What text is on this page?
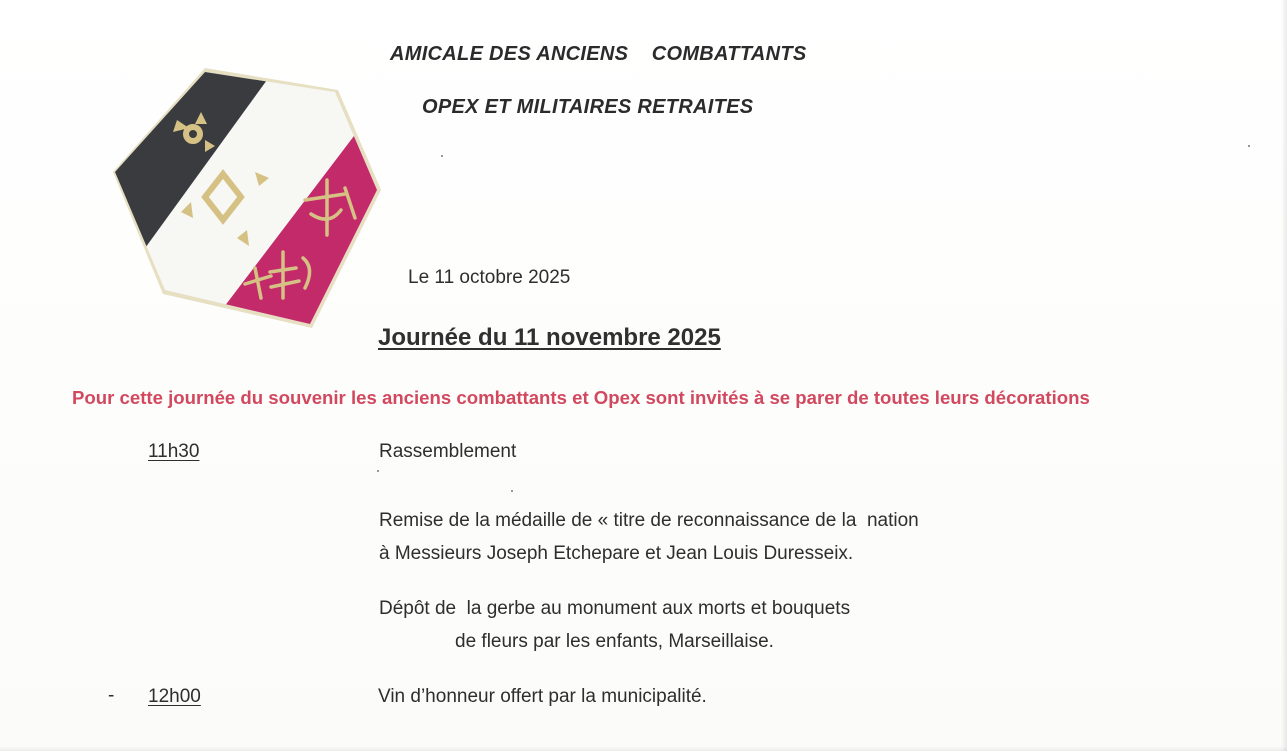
AMICALE DES ANCIENS    COMBATTANTS
OPEX ET MILITAIRES RETRAITES
Le 11 octobre 2025
Journée du 11 novembre 2025
Pour cette journée du souvenir les anciens combattants et Opex sont invités à se parer de toutes leurs décorations
11h30	Rassemblement
Remise de la médaille de « titre de reconnaissance de la  nation
à Messieurs Joseph Etchepare et Jean Louis Duresseix.
Dépôt de  la gerbe au monument aux morts et bouquets
de fleurs par les enfants, Marseillaise.
- 12h00	Vin d’honneur offert par la municipalité.
